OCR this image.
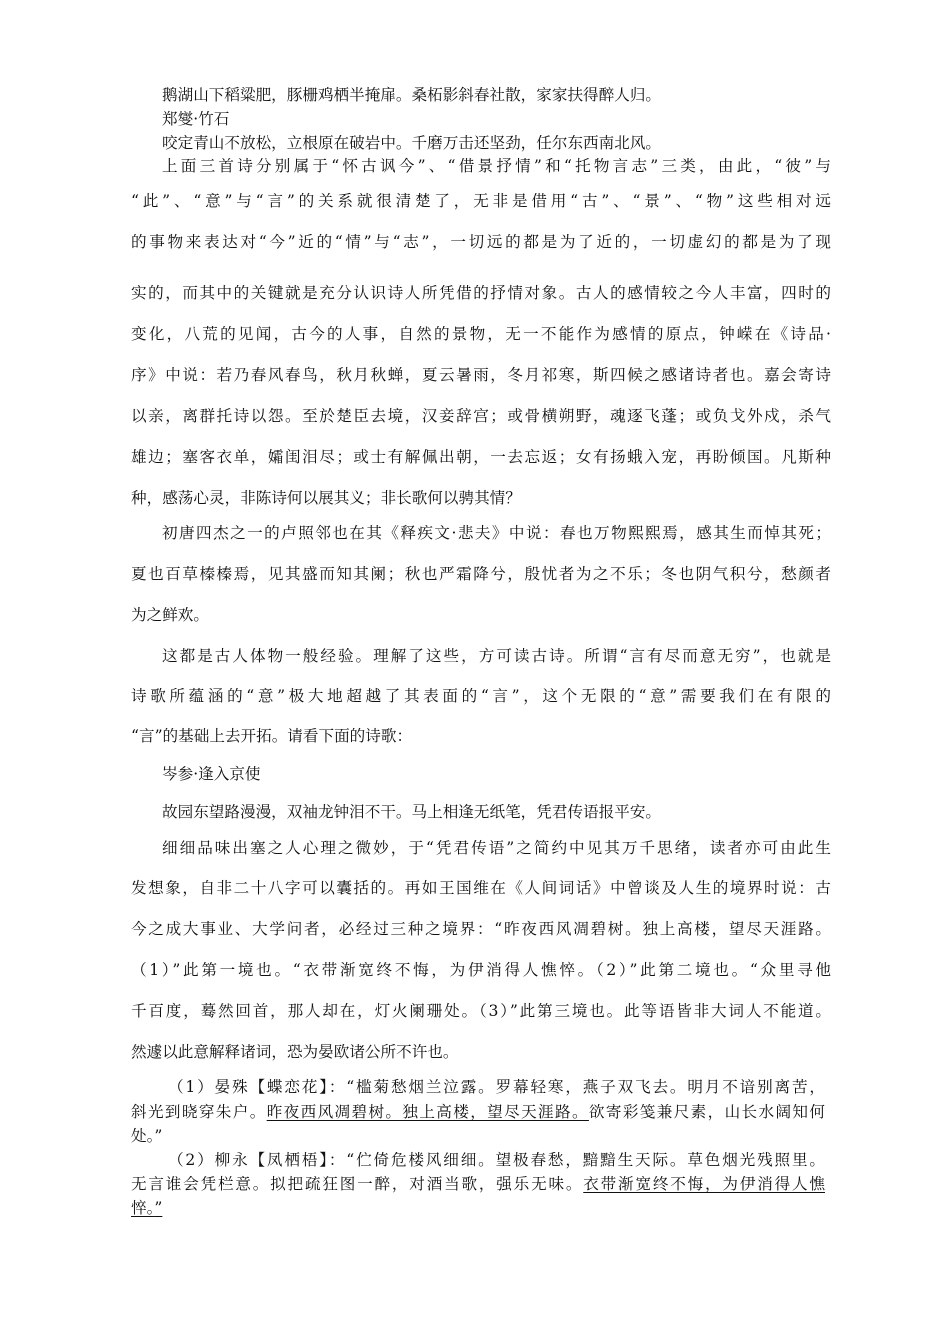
鹅湖山下稻粱肥，豚栅鸡栖半掩扉。桑柘影斜春社散，家家扶得醉人归。
郑燮·竹石
咬定青山不放松，立根原在破岩中。千磨万击还坚劲，任尔东西南北风。
上面三首诗分别属于“怀古讽今”、“借景抒情”和“托物言志”三类，由此，“彼”与
“此”、“意”与“言”的关系就很清楚了，无非是借用“古”、“景”、“物”这些相对远
的事物来表达对“今”近的“情”与“志”，一切远的都是为了近的，一切虚幻的都是为了现
实的，而其中的关键就是充分认识诗人所凭借的抒情对象。古人的感情较之今人丰富，四时的
变化，八荒的见闻，古今的人事，自然的景物，无一不能作为感情的原点，钟嵘在《诗品·
序》中说：若乃春风春鸟，秋月秋蝉，夏云暑雨，冬月祁寒，斯四候之感诸诗者也。嘉会寄诗
以亲，离群托诗以怨。至於楚臣去境，汉妾辞宫；或骨横朔野，魂逐飞蓬；或负戈外戍，杀气
雄边；塞客衣单，孀闺泪尽；或士有解佩出朝，一去忘返；女有扬蛾入宠，再盼倾国。凡斯种
种，感荡心灵，非陈诗何以展其义；非长歌何以骋其情？
初唐四杰之一的卢照邻也在其《释疾文·悲夫》中说：春也万物熙熙焉，感其生而悼其死；
夏也百草榛榛焉，见其盛而知其阑；秋也严霜降兮，殷忧者为之不乐；冬也阴气积兮，愁颜者
为之鲜欢。
这都是古人体物一般经验。理解了这些，方可读古诗。所谓“言有尽而意无穷”，也就是
诗歌所蕴涵的“意”极大地超越了其表面的“言”，这个无限的“意”需要我们在有限的
“言”的基础上去开拓。请看下面的诗歌：
岑参·逢入京使
故园东望路漫漫，双袖龙钟泪不干。马上相逢无纸笔，凭君传语报平安。
细细品味出塞之人心理之微妙，于“凭君传语”之简约中见其万千思绪，读者亦可由此生
发想象，自非二十八字可以囊括的。再如王国维在《人间词话》中曾谈及人生的境界时说：古
今之成大事业、大学问者，必经过三种之境界：“昨夜西风凋碧树。独上高楼，望尽天涯路。
（1）”此第一境也。“衣带渐宽终不悔，为伊消得人憔悴。（2）”此第二境也。“众里寻他
千百度，蓦然回首，那人却在，灯火阑珊处。（3）”此第三境也。此等语皆非大词人不能道。
然遽以此意解释诸词，恐为晏欧诸公所不许也。
（1）晏殊【蝶恋花】：“槛菊愁烟兰泣露。罗幕轻寒，燕子双飞去。明月不谙别离苦，
斜光到晓穿朱户。昨夜西风凋碧树。独上高楼，望尽天涯路。欲寄彩笺兼尺素，山长水阔知何
处。”
（2）柳永【凤栖梧】：“伫倚危楼风细细。望极春愁，黯黯生天际。草色烟光残照里。
无言谁会凭栏意。拟把疏狂图一醉，对酒当歌，强乐无味。衣带渐宽终不悔，为伊消得人憔
悴。”
